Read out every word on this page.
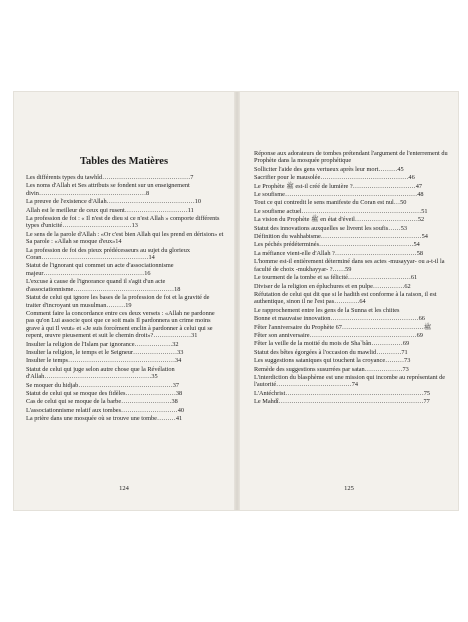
Tables des Matières
Les différents types du tawhîd……………………………………7
Les noms d'Allah et Ses attributs se fondent sur un enseignement divin……………………………………………8
La preuve de l'existence d'Allah……………………………………10
Allah est le meilleur de ceux qui rusent…………………………11
La profession de foi : « Il n'est de dieu si ce n'est Allah » comporte différents types d'unicité……………………………13
Le sens de la parole d'Allah : «Or c'est bien Allah qui les prend en dérision» et Sa parole : «Allah se moque d'eux»14
La profession de foi des pieux prédécesseurs au sujet du glorieux Coran……………………………………………14
Statut de l'ignorant qui commet un acte d'associationnisme majeur…………………………………………16
L'excuse à cause de l'ignorance quand il s'agit d'un acte d'associationnisme…………………………………………18
Statut de celui qui ignore les bases de la profession de foi et la gravité de traiter d'incroyant un musulman………19
Comment faire la concordance entre ces deux versets : «Allah ne pardonne pas qu'on Lui associe quoi que ce soit mais Il pardonnera un crime moins grave à qui Il veut» et «Je suis forcément enclin à pardonner à celui qui se repent, œuvre pieusement et suit le chemin droit»?………………31
Insulter la religion de l'Islam par ignorance………………32
Insulter la religion, le temps et le Seigneur…………………33
Insulter le temps……………………………………………34
Statut de celui qui juge selon autre chose que la Révélation d'Allah……………………………………………35
Se moquer du hidjab………………………………………37
Statut de celui qui se moque des fidèles……………………38
Cas de celui qui se moque de la barbe……………………38
L'associationnisme relatif aux tombes………………………40
La prière dans une mosquée où se trouve une tombe………41
124
Réponse aux adorateurs de tombes prétendant l'argument de l'enterrement du Prophète dans la mosquée prophétique
Solliciter l'aide des gens vertueux après leur mort………45
Sacrifier pour le mausolée……………………………………46
Le Prophète ﷺ est-il créé de lumière ?…………………………47
Le soufisme………………………………………………………48
Tout ce qui contredit le sens manifeste du Coran est nul…50
Le soufisme actuel…………………………………………………51
La vision du Prophète ﷺ en état d'éveil…………………………52
Statut des innovations auxquelles se livrent les soufis……53
Définition du wahhabisme…………………………………………54
Les péchés prédéterminés………………………………………54
La méfiance vient-elle d'Allah ?…………………………………58
L'homme est-il entièrement déterminé dans ses actes -musayyar- ou a-t-il la faculté de choix -mukhayyar- ?……59
Le tourment de la tombe et sa félicité…………………………61
Diviser de la religion en épluchures et en pulpe……………62
Réfutation de celui qui dit que si le hadith est conforme à la raison, il est authentique, sinon il ne l'est pas…………64
Le rapprochement entre les gens de la Sunna et les chiites
Bonne et mauvaise innovation……………………………………66
Fêter l'anniversaire du Prophète ﷺ…………………………………67
Fêter son anniversaire……………………………………………69
Fêter la veille de la moitié du mois de Sha`bân……………69
Statut des bêtes égorgées à l'occasion du mawlid…………71
Les suggestions sataniques qui touchent la croyance………73
Remède des suggestions susurrées par satan………………73
L'interdiction du blasphème est une mission qui incombe au représentant de l'autorité………………………………74
L'Antéchrist…………………………………………………………75
Le Mahdî……………………………………………………………77
125
